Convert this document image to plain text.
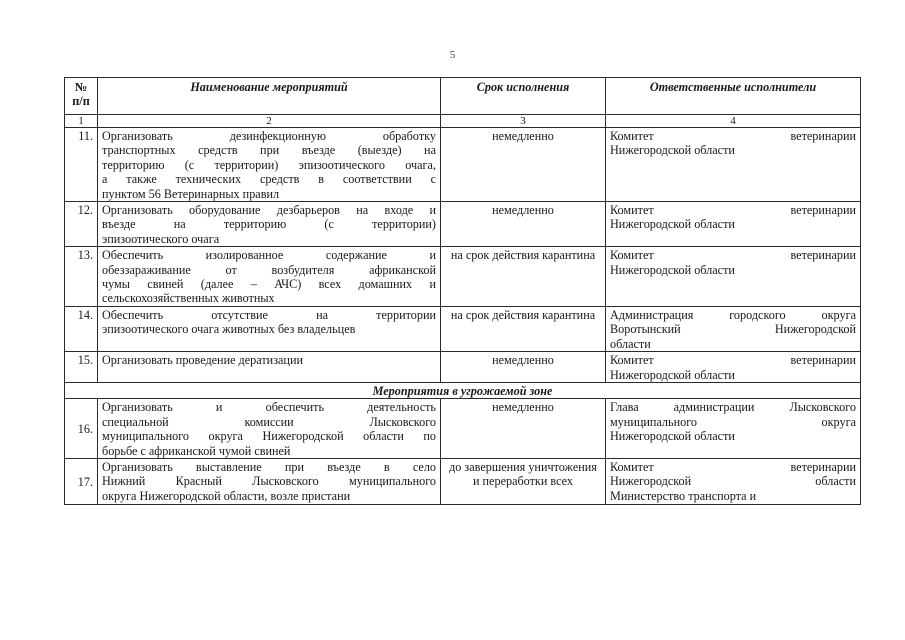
5
№ п/п	Наименование мероприятий	Срок исполнения	Ответственные исполнители
1	2	3	4
11.	Организовать дезинфекционную обработку
транспортных средств при въезде (выезде) на
территорию (с территории) эпизоотического очага,
а также технических средств в соответствии с
пунктом 56 Ветеринарных правил	немедленно	Комитет ветеринарии
Нижегородской области

12.	Организовать оборудование дезбарьеров на входе и
въезде на территорию (с территории)
эпизоотического очага	немедленно	Комитет ветеринарии
Нижегородской области

13.	Обеспечить изолированное содержание и
обеззараживание от возбудителя африканской
чумы свиней (далее – АЧС) всех домашних и
сельскохозяйственных животных	на срок действия карантина	Комитет ветеринарии
Нижегородской области

14.	Обеспечить отсутствие на территории
эпизоотического очага животных без владельцев	на срок действия карантина	Администрация городского округа
Воротынский Нижегородской
области

15.	Организовать проведение дератизации	немедленно	Комитет ветеринарии
Нижегородской области

Мероприятия в угрожаемой зоне			
16.	Организовать и обеспечить деятельность
специальной комиссии Лысковского
муниципального округа Нижегородской области по
борьбе с африканской чумой свиней	немедленно	Глава администрации Лысковского
муниципального округа
Нижегородской области

17.	Организовать выставление при въезде в село
Нижний Красный Лысковского муниципального
округа Нижегородской области, возле пристани	до завершения уничтожения и переработки всех	Комитет ветеринарии
Нижегородской области
Министерство транспорта и
